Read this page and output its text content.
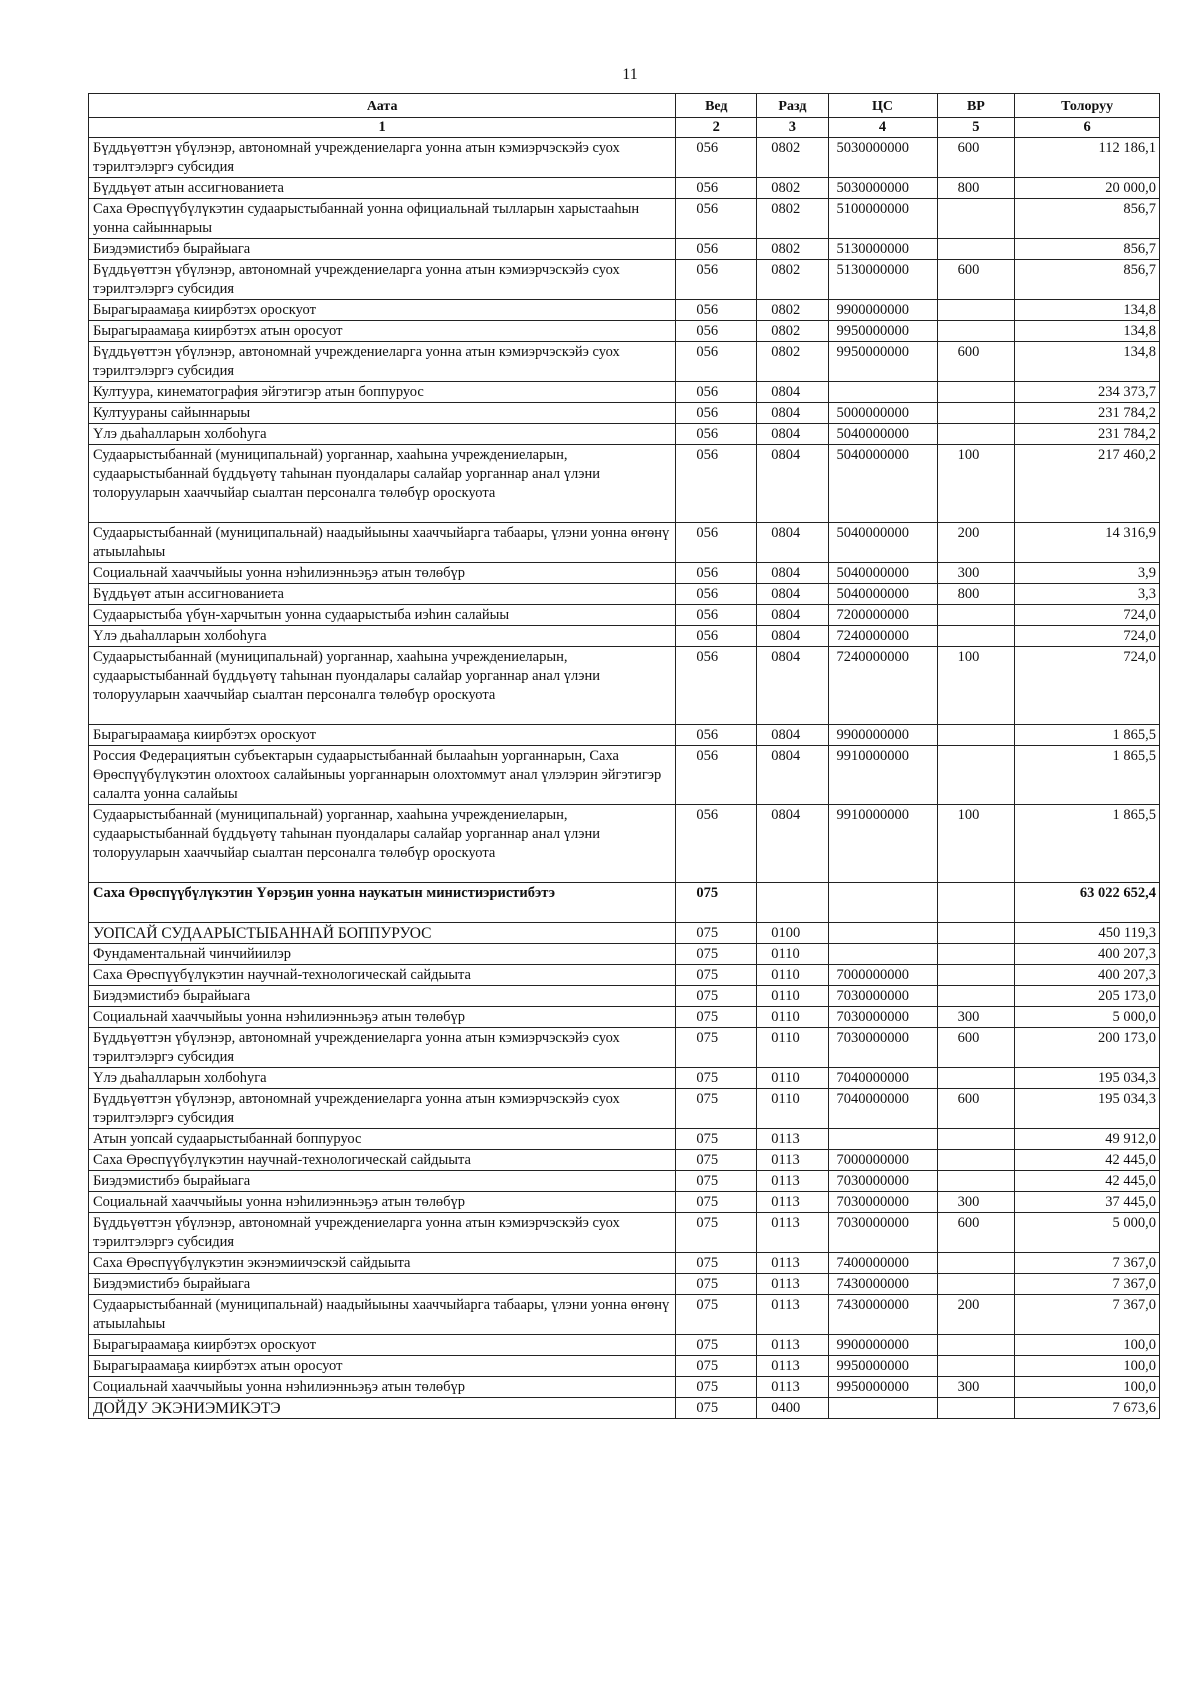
11
Аата	Вед	Разд	ЦС	ВР	Толоруу
1	2	3	4	5	6
Бүддьүөттэн үбүлэнэр, автономнай учреждениеларга уонна атын кэмиэрчэскэйэ суох тэрилтэлэргэ субсидия	056	0802	5030000000	600	112 186,1
Бүддьүөт атын ассигнованиета	056	0802	5030000000	800	20 000,0
Саха Өрөспүүбүлүкэтин судаарыстыбаннай уонна официальнай тылларын харыстааһын уонна сайыннарыы	056	0802	5100000000		856,7
Биэдэмистибэ бырайыага	056	0802	5130000000		856,7
Бүддьүөттэн үбүлэнэр, автономнай учреждениеларга уонна атын кэмиэрчэскэйэ суох тэрилтэлэргэ субсидия	056	0802	5130000000	600	856,7
Бырагыраамаҕа киирбэтэх ороскуот	056	0802	9900000000		134,8
Бырагыраамаҕа киирбэтэх атын оросуот	056	0802	9950000000		134,8
Бүддьүөттэн үбүлэнэр, автономнай учреждениеларга уонна атын кэмиэрчэскэйэ суох тэрилтэлэргэ субсидия	056	0802	9950000000	600	134,8
Култуура, кинематография эйгэтигэр атын боппуруос	056	0804			234 373,7
Култуураны сайыннарыы	056	0804	5000000000		231 784,2
Үлэ дьаһалларын холбоһуга	056	0804	5040000000		231 784,2
Судаарыстыбаннай (муниципальнай) уорганнар, хааһына учреждениеларын, судаарыстыбаннай бүддьүөтү таһынан пуондалары салайар уорганнар анал үлэни толорууларын хааччыйар сыалтан персоналга төлөбүр ороскуота	056	0804	5040000000	100	217 460,2
Судаарыстыбаннай (муниципальнай) наадыйыыны хааччыйарга табаары, үлэни уонна өҥөнү атыылаһыы	056	0804	5040000000	200	14 316,9
Социальнай хааччыйыы уонна нэһилиэнньэҕэ атын төлөбүр	056	0804	5040000000	300	3,9
Бүддьүөт атын ассигнованиета	056	0804	5040000000	800	3,3
Судаарыстыба үбүн-харчытын уонна судаарыстыба иэһин салайыы	056	0804	7200000000		724,0
Үлэ дьаһалларын холбоһуга	056	0804	7240000000		724,0
Судаарыстыбаннай (муниципальнай) уорганнар, хааһына учреждениеларын, судаарыстыбаннай бүддьүөтү таһынан пуондалары салайар уорганнар анал үлэни толорууларын хааччыйар сыалтан персоналга төлөбүр ороскуота	056	0804	7240000000	100	724,0
Бырагыраамаҕа киирбэтэх ороскуот	056	0804	9900000000		1 865,5
Россия Федерациятын субъектарын судаарыстыбаннай былааһын уорганнарын, Саха Өрөспүүбүлүкэтин олохтоох салайыныы уорганнарын олохтоммут анал үлэлэрин эйгэтигэр салалта уонна салайыы	056	0804	9910000000		1 865,5
Судаарыстыбаннай (муниципальнай) уорганнар, хааһына учреждениеларын, судаарыстыбаннай бүддьүөтү таһынан пуондалары салайар уорганнар анал үлэни толорууларын хааччыйар сыалтан персоналга төлөбүр ороскуота	056	0804	9910000000	100	1 865,5
Саха Өрөспүүбүлүкэтин Үөрэҕин уонна наукатын министиэристибэтэ	075				63 022 652,4
УОПСАЙ СУДААРЫСТЫБАННАЙ БОППУРУОС	075	0100			450 119,3
Фундаментальнай чинчийиилэр	075	0110			400 207,3
Саха Өрөспүүбүлүкэтин научнай-технологическай сайдыыта	075	0110	7000000000		400 207,3
Биэдэмистибэ бырайыага	075	0110	7030000000		205 173,0
Социальнай хааччыйыы уонна нэһилиэнньэҕэ атын төлөбүр	075	0110	7030000000	300	5 000,0
Бүддьүөттэн үбүлэнэр, автономнай учреждениеларга уонна атын кэмиэрчэскэйэ суох тэрилтэлэргэ субсидия	075	0110	7030000000	600	200 173,0
Үлэ дьаһалларын холбоһуга	075	0110	7040000000		195 034,3
Бүддьүөттэн үбүлэнэр, автономнай учреждениеларга уонна атын кэмиэрчэскэйэ суох тэрилтэлэргэ субсидия	075	0110	7040000000	600	195 034,3
Атын уопсай судаарыстыбаннай боппуруос	075	0113			49 912,0
Саха Өрөспүүбүлүкэтин научнай-технологическай сайдыыта	075	0113	7000000000		42 445,0
Биэдэмистибэ бырайыага	075	0113	7030000000		42 445,0
Социальнай хааччыйыы уонна нэһилиэнньэҕэ атын төлөбүр	075	0113	7030000000	300	37 445,0
Бүддьүөттэн үбүлэнэр, автономнай учреждениеларга уонна атын кэмиэрчэскэйэ суох тэрилтэлэргэ субсидия	075	0113	7030000000	600	5 000,0
Саха Өрөспүүбүлүкэтин экэнэмиичэскэй сайдыыта	075	0113	7400000000		7 367,0
Биэдэмистибэ бырайыага	075	0113	7430000000		7 367,0
Судаарыстыбаннай (муниципальнай) наадыйыыны хааччыйарга табаары, үлэни уонна өҥөнү атыылаһыы	075	0113	7430000000	200	7 367,0
Бырагыраамаҕа киирбэтэх ороскуот	075	0113	9900000000		100,0
Бырагыраамаҕа киирбэтэх атын оросуот	075	0113	9950000000		100,0
Социальнай хааччыйыы уонна нэһилиэнньэҕэ атын төлөбүр	075	0113	9950000000	300	100,0
ДОЙДУ ЭКЭНИЭМИКЭТЭ	075	0400			7 673,6
